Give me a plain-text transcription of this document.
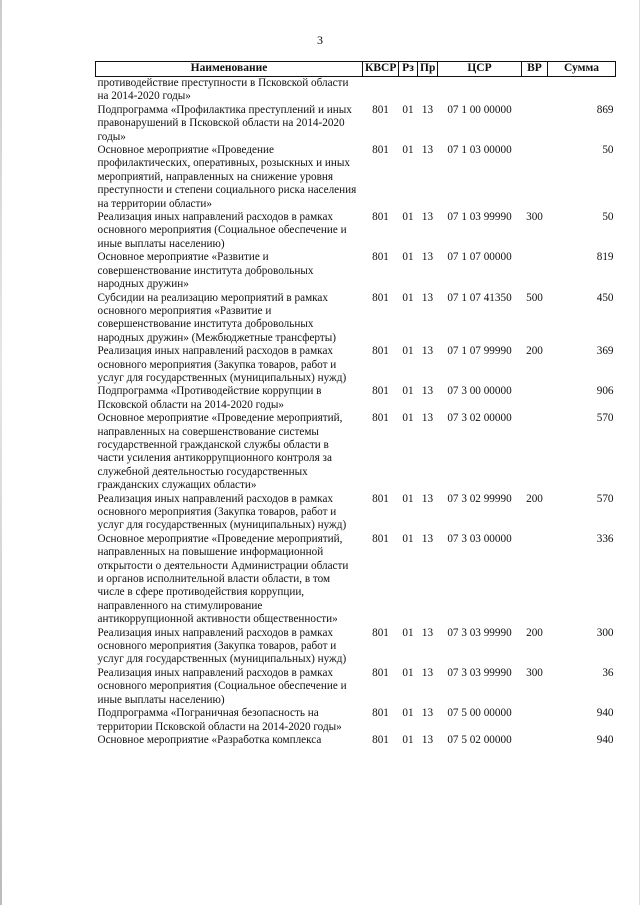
3
Наименование	КВСР	Рз	Пр	ЦСР	ВР	Сумма
противодействие преступности в Псковской области на 2014-2020 годы»						
Подпрограмма «Профилактика преступлений и иных правонарушений в Псковской области на 2014-2020 годы»	801	01	13	07 1 00 00000		869
Основное мероприятие «Проведение профилактических, оперативных, розыскных и иных мероприятий, направленных на снижение уровня преступности и степени социального риска населения на территории области»	801	01	13	07 1 03 00000		50
Реализация иных направлений расходов в рамках основного мероприятия (Социальное обеспечение и иные выплаты населению)	801	01	13	07 1 03 99990	300	50
Основное мероприятие «Развитие и совершенствование института добровольных народных дружин»	801	01	13	07 1 07 00000		819
Субсидии на реализацию мероприятий в рамках основного мероприятия «Развитие и совершенствование института добровольных народных дружин» (Межбюджетные трансферты)	801	01	13	07 1 07 41350	500	450
Реализация иных направлений расходов в рамках основного мероприятия (Закупка товаров, работ и услуг для государственных (муниципальных) нужд)	801	01	13	07 1 07 99990	200	369
Подпрограмма «Противодействие коррупции в Псковской области на 2014-2020 годы»	801	01	13	07 3 00 00000		906
Основное мероприятие «Проведение мероприятий, направленных на совершенствование системы государственной гражданской службы области в части усиления антикоррупционного контроля за служебной деятельностью государственных гражданских служащих области»	801	01	13	07 3 02 00000		570
Реализация иных направлений расходов в рамках основного мероприятия (Закупка товаров, работ и услуг для государственных (муниципальных) нужд)	801	01	13	07 3 02 99990	200	570
Основное мероприятие «Проведение мероприятий, направленных на повышение информационной открытости о деятельности Администрации области и органов исполнительной власти области, в том числе в сфере противодействия коррупции, направленного на стимулирование антикоррупционной активности общественности»	801	01	13	07 3 03 00000		336
Реализация иных направлений расходов в рамках основного мероприятия (Закупка товаров, работ и услуг для государственных (муниципальных) нужд)	801	01	13	07 3 03 99990	200	300
Реализация иных направлений расходов в рамках основного мероприятия (Социальное обеспечение и иные выплаты населению)	801	01	13	07 3 03 99990	300	36
Подпрограмма «Пограничная безопасность на территории Псковской области на 2014-2020 годы»	801	01	13	07 5 00 00000		940
Основное мероприятие «Разработка комплекса	801	01	13	07 5 02 00000		940
